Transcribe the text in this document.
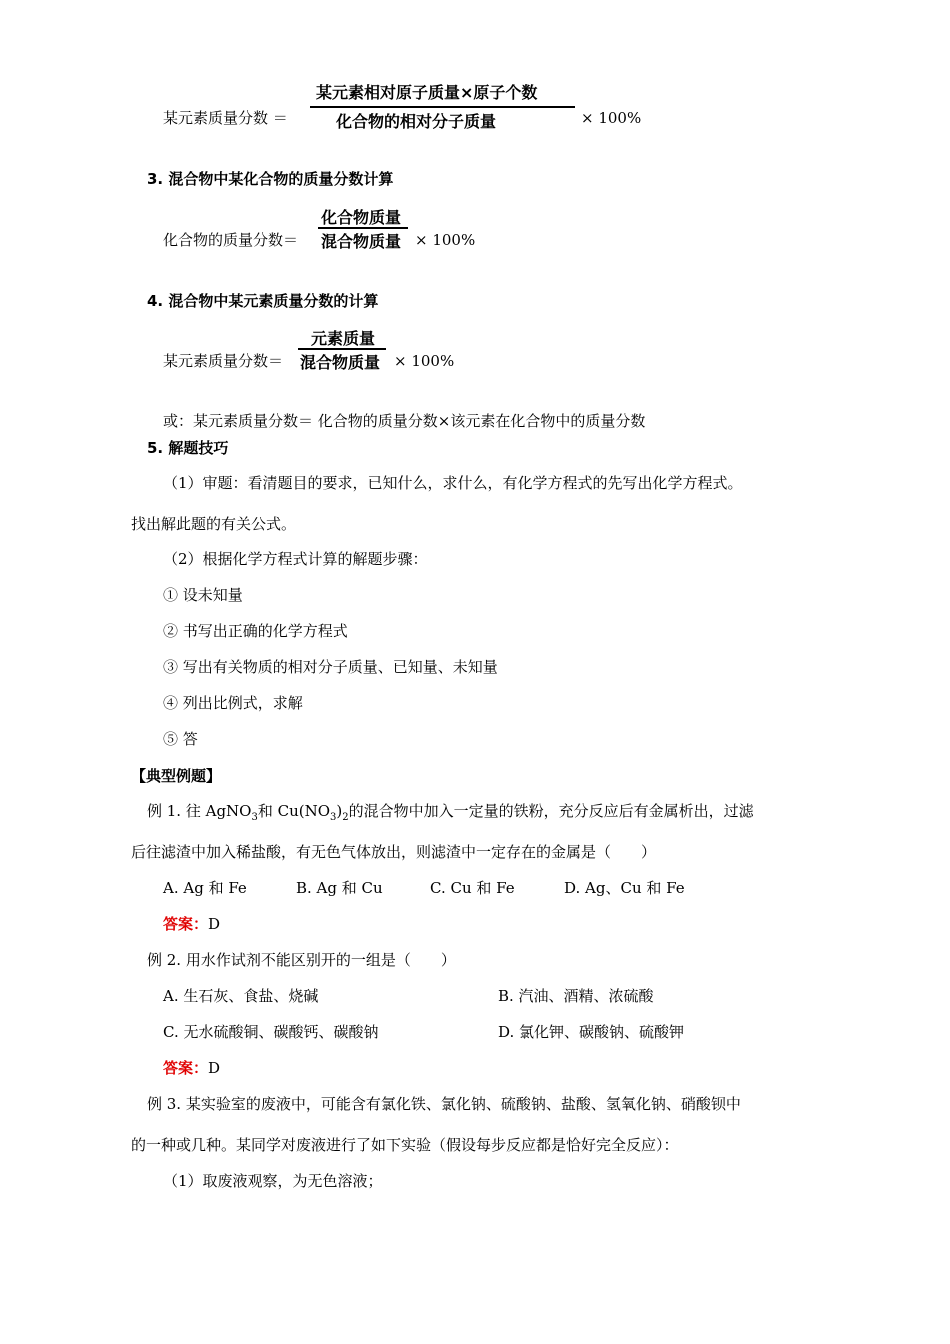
某元素相对原子质量×原子个数
化合物的相对分子质量
某元素质量分数 ＝	× 100%
3. 混合物中某化合物的质量分数计算
化合物质量
混合物质量
化合物的质量分数＝	× 100%
4. 混合物中某元素质量分数的计算
元素质量
混合物质量
某元素质量分数＝	× 100%
或：某元素质量分数＝ 化合物的质量分数×该元素在化合物中的质量分数
5. 解题技巧
（1）审题：看清题目的要求，已知什么，求什么，有化学方程式的先写出化学方程式。
找出解此题的有关公式。
（2）根据化学方程式计算的解题步骤：
① 设未知量
② 书写出正确的化学方程式
③ 写出有关物质的相对分子质量、已知量、未知量
④ 列出比例式，求解
⑤ 答
【典型例题】
例 1. 往 AgNO$_3$和 $Cu(NO_3)_2$的混合物中加入一定量的铁粉，充分反应后有金属析出，过滤
后往滤渣中加入稀盐酸，有无色气体放出，则滤渣中一定存在的金属是（　　）
A. Ag 和 Fe	B. Ag 和 Cu	C. Cu 和 Fe	D. Ag、Cu 和 Fe
答案：D
例 2. 用水作试剂不能区别开的一组是（　　）
A. 生石灰、食盐、烧碱	B. 汽油、酒精、浓硫酸
C. 无水硫酸铜、碳酸钙、碳酸钠	D. 氯化钾、碳酸钠、硫酸钾
答案：D
例 3. 某实验室的废液中，可能含有氯化铁、氯化钠、硫酸钠、盐酸、氢氧化钠、硝酸钡中
的一种或几种。某同学对废液进行了如下实验（假设每步反应都是恰好完全反应）：
（1）取废液观察，为无色溶液；
